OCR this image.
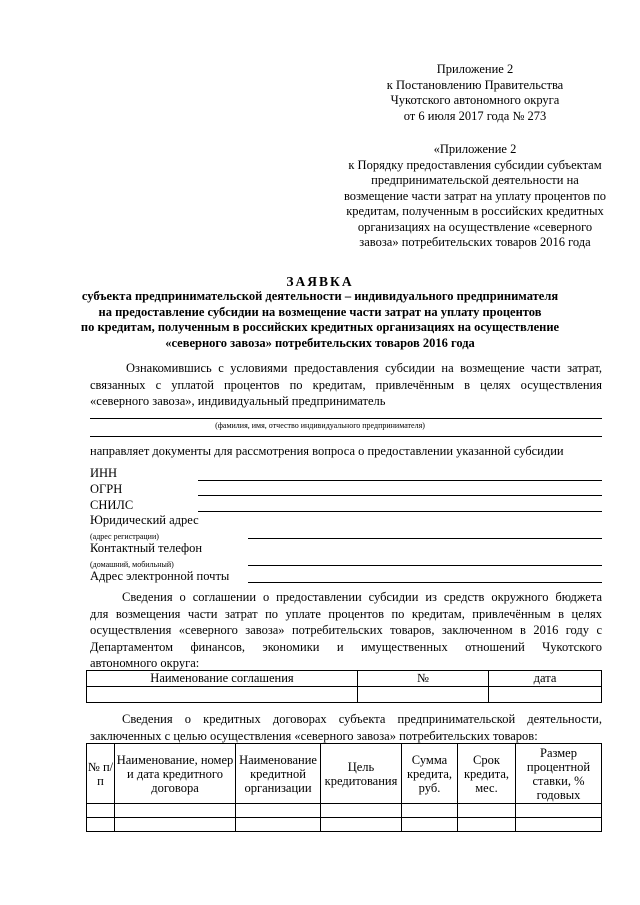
Приложение 2
к Постановлению Правительства
Чукотского автономного округа
от 6 июля 2017 года № 273
«Приложение 2
к Порядку предоставления субсидии субъектам
предпринимательской деятельности на
возмещение части затрат на уплату процентов по
кредитам, полученным в российских кредитных
организациях на осуществление «северного
завоза» потребительских товаров 2016 года
ЗАЯВКА
субъекта предпринимательской деятельности – индивидуального предпринимателя
на предоставление субсидии на возмещение части затрат на уплату процентов
по кредитам, полученным в российских кредитных организациях на осуществление
«северного завоза» потребительских товаров 2016 года
Ознакомившись с условиями предоставления субсидии на возмещение части затрат,
связанных с уплатой процентов по кредитам, привлечённым в целях осуществления
«северного завоза», индивидуальный предприниматель
(фамилия, имя, отчество индивидуального предпринимателя)
направляет документы для рассмотрения вопроса о предоставлении указанной субсидии
ИНН
ОГРН
СНИЛС
Юридический адрес
(адрес регистрации)
Контактный телефон
(домашний, мобильный)
Адрес электронной почты
Сведения о соглашении о предоставлении субсидии из средств окружного бюджета
для возмещения части затрат по уплате процентов по кредитам, привлечённым в целях
осуществления «северного завоза» потребительских товаров, заключенном в 2016 году с
Департаментом финансов, экономики и имущественных отношений Чукотского
автономного округа:
Наименование соглашения	№	дата

Сведения о кредитных договорах субъекта предпринимательской деятельности,
заключенных с целью осуществления «северного завоза» потребительских товаров:
№ п/п	Наименование, номер и дата кредитного договора	Наименование кредитной организации	Цель кредитования	Сумма кредита, руб.	Срок кредита, мес.	Размер процентной ставки, % годовых
